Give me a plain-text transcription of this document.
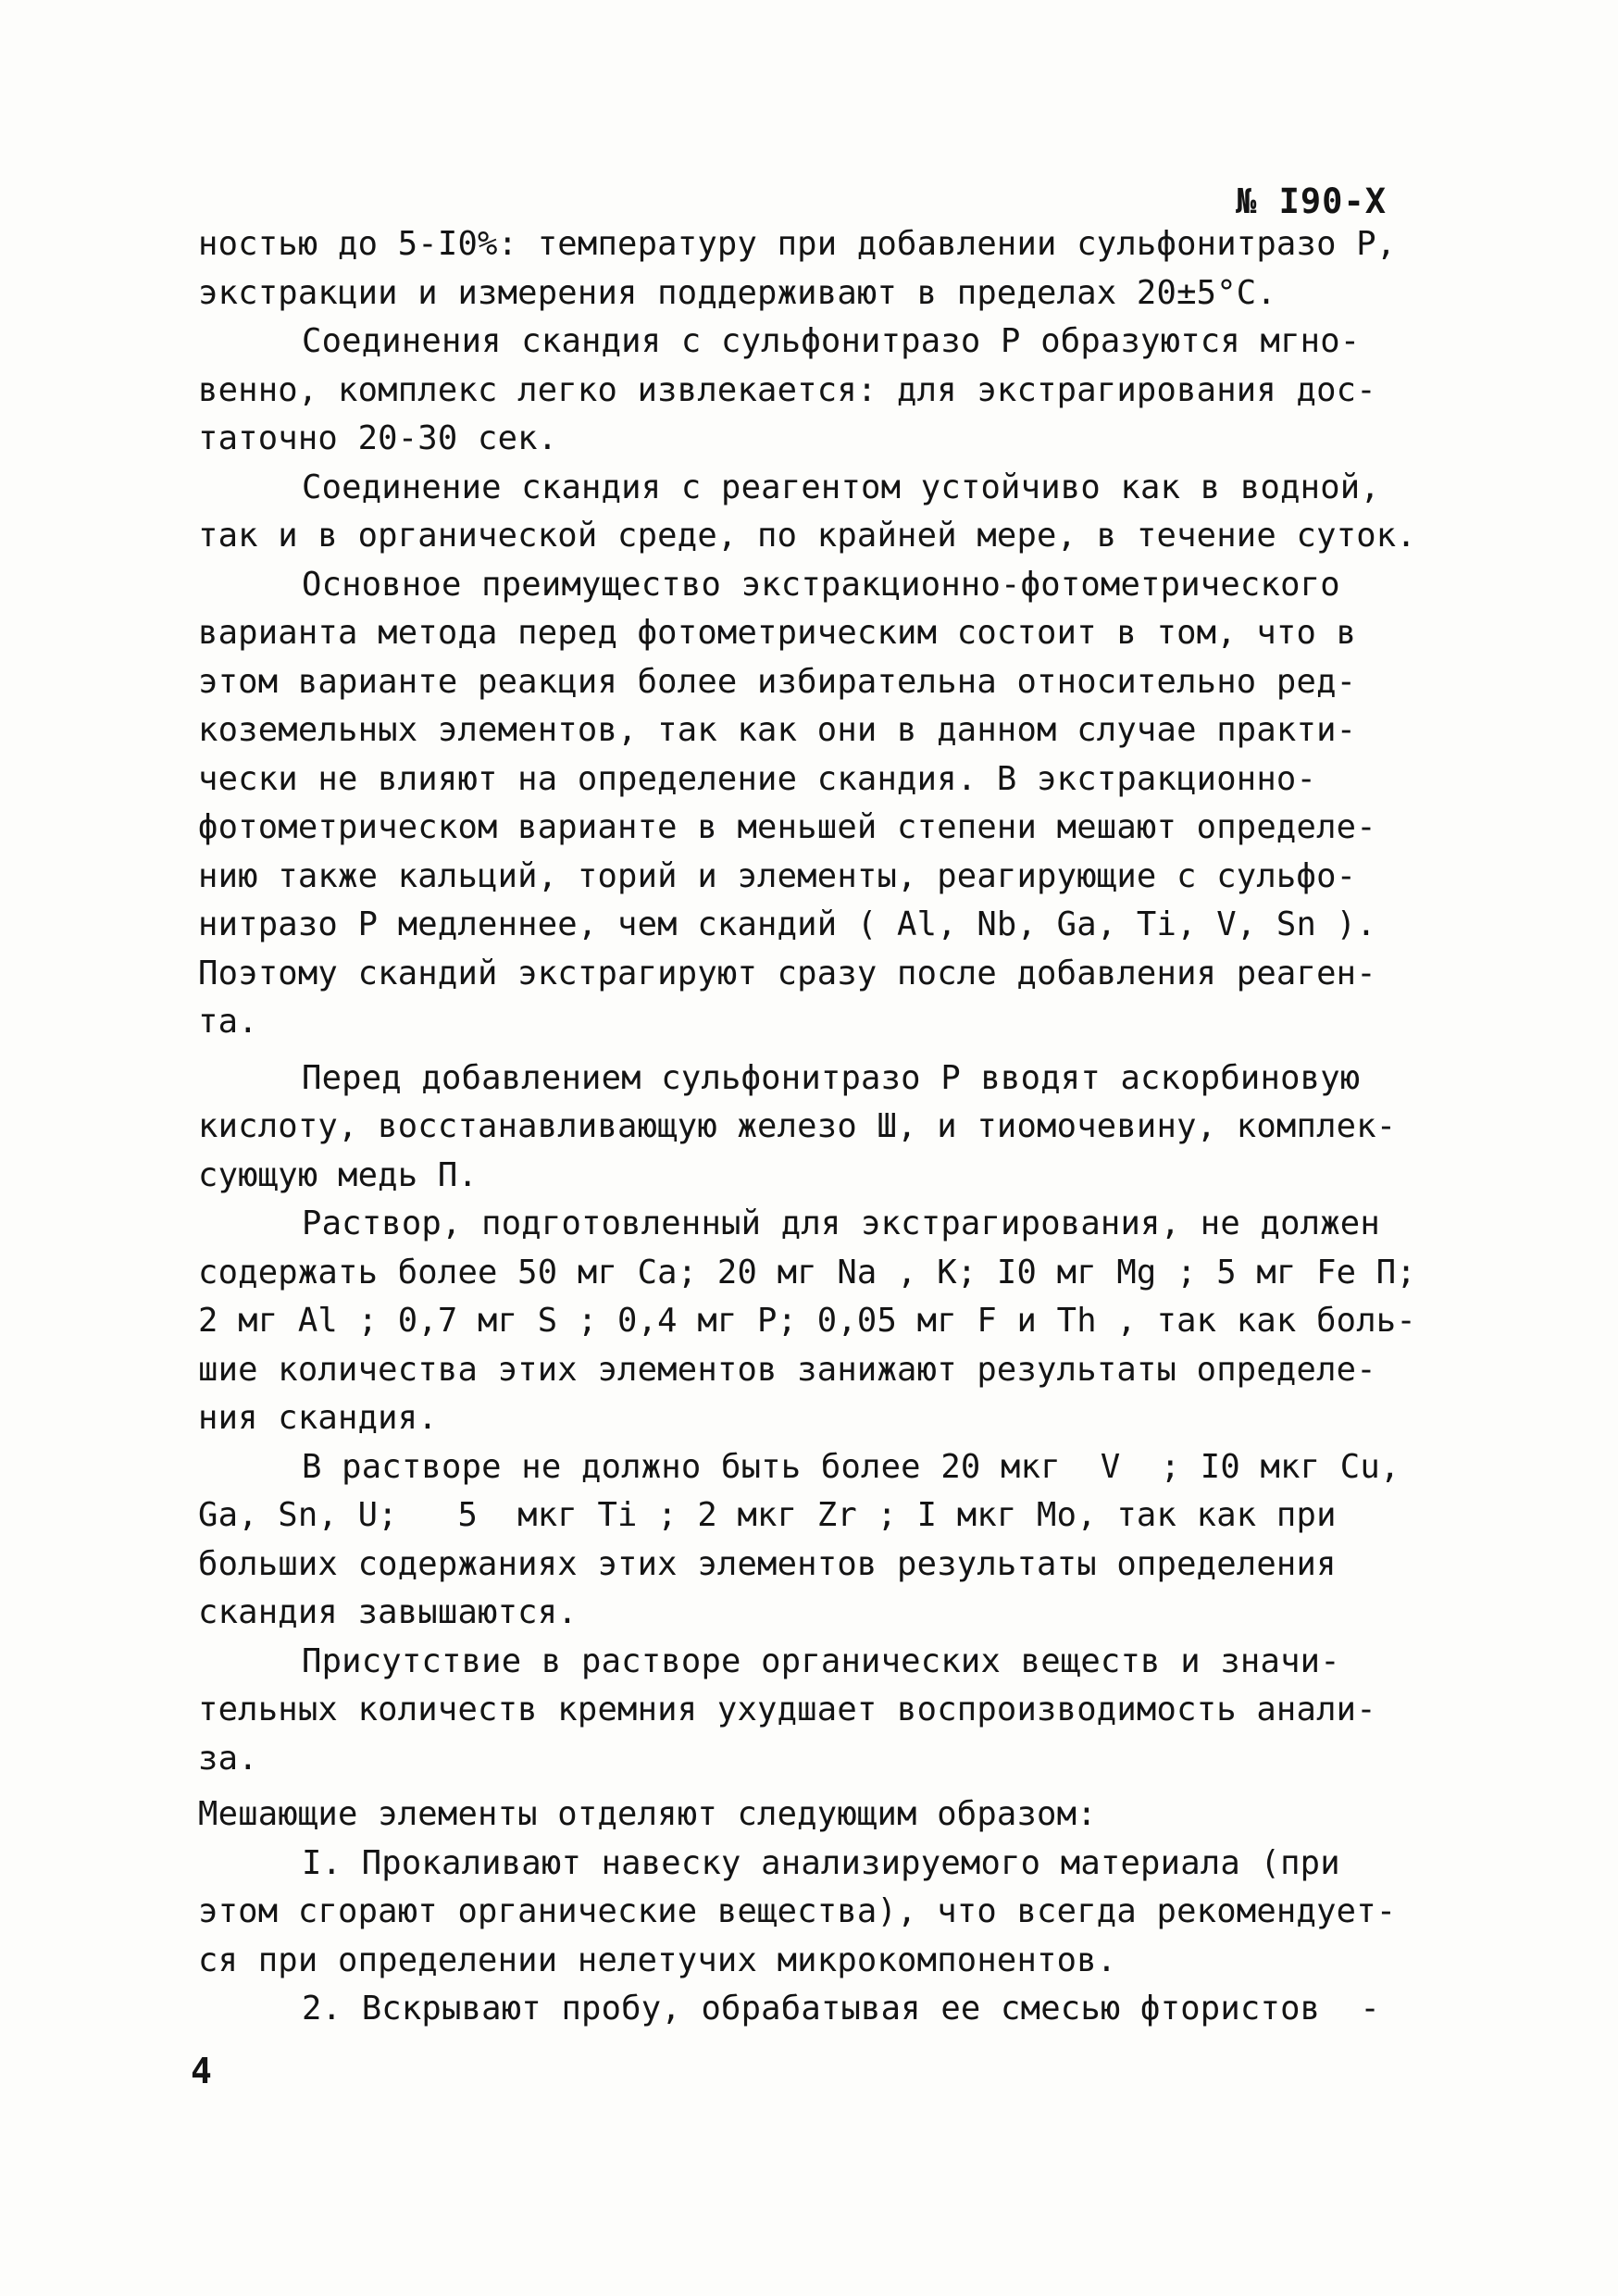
№ I90-Х
ностью до 5-I0%: температуру при добавлении сульфонитразо Р,
экстракции и измерения поддерживают в пределах 20±5°С.
Соединения скандия с сульфонитразо Р образуются мгно-
венно, комплекс легко извлекается: для экстрагирования дос-
таточно 20-30 сек.
Соединение скандия с реагентом устойчиво как в водной,
так и в органической среде, по крайней мере, в течение суток.
Основное преимущество экстракционно-фотометрического
варианта метода перед фотометрическим состоит в том, что в
этом варианте реакция более избирательна относительно ред-
коземельных элементов, так как они в данном случае практи-
чески не влияют на определение скандия. В экстракционно-
фотометрическом варианте в меньшей степени мешают определе-
нию также кальций, торий и элементы, реагирующие с сульфо-
нитразо Р медленнее, чем скандий ( Al, Nb, Ga, Ti, V, Sn ).
Поэтому скандий экстрагируют сразу после добавления реаген-
та.
Перед добавлением сульфонитразо Р вводят аскорбиновую
кислоту, восстанавливающую железо Ш, и тиомочевину, комплек-
сующую медь П.
Раствор, подготовленный для экстрагирования, не должен
содержать более 50 мг Ca; 20 мг Na , K; I0 мг Mg ; 5 мг Fe П;
2 мг Al ; 0,7 мг S ; 0,4 мг P; 0,05 мг F и Th , так как боль-
шие количества этих элементов занижают результаты определе-
ния скандия.
В растворе не должно быть более 20 мкг  V  ; I0 мкг Cu,
Ga, Sn, U;   5  мкг Ti ; 2 мкг Zr ; I мкг Mo, так как при
больших содержаниях этих элементов результаты определения
скандия завышаются.
Присутствие в растворе органических веществ и значи-
тельных количеств кремния ухудшает воспроизводимость анали-
за.
Мешающие элементы отделяют следующим образом:
I. Прокаливают навеску анализируемого материала (при
этом сгорают органические вещества), что всегда рекомендует-
ся при определении нелетучих микрокомпонентов.
2. Вскрывают пробу, обрабатывая ее смесью фтористов  -
4
